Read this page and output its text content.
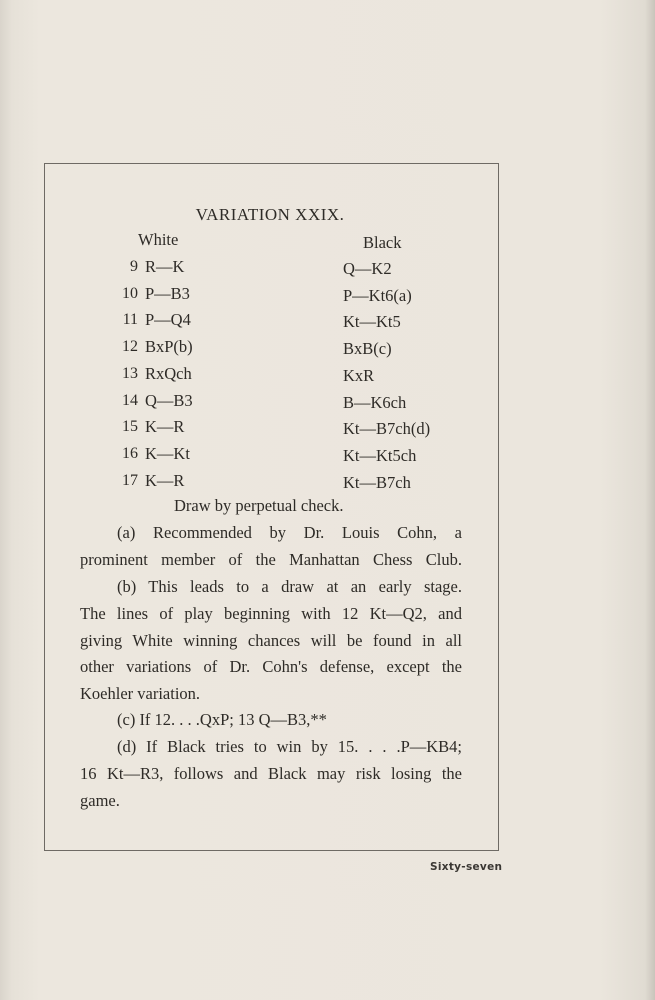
VARIATION XXIX.
White	Black
9 R—K	Q—K2
10 P—B3	P—Kt6(a)
11 P—Q4	Kt—Kt5
12 BxP(b)	BxB(c)
13 RxQch	KxR
14 Q—B3	B—K6ch
15 K—R	Kt—B7ch(d)
16 K—Kt	Kt—Kt5ch
17 K—R	Kt—B7ch
Draw by perpetual check.
(a) Recommended by Dr. Louis Cohn, a
prominent member of the Manhattan Chess Club.
(b) This leads to a draw at an early stage.
The lines of play beginning with 12 Kt—Q2, and
giving White winning chances will be found in all
other variations of Dr. Cohn's defense, except the
Koehler variation.
(c) If 12. . . .QxP; 13 Q—B3,**
(d) If Black tries to win by 15. . . .P—KB4;
16 Kt—R3, follows and Black may risk losing the
game.
Sixty-seven
